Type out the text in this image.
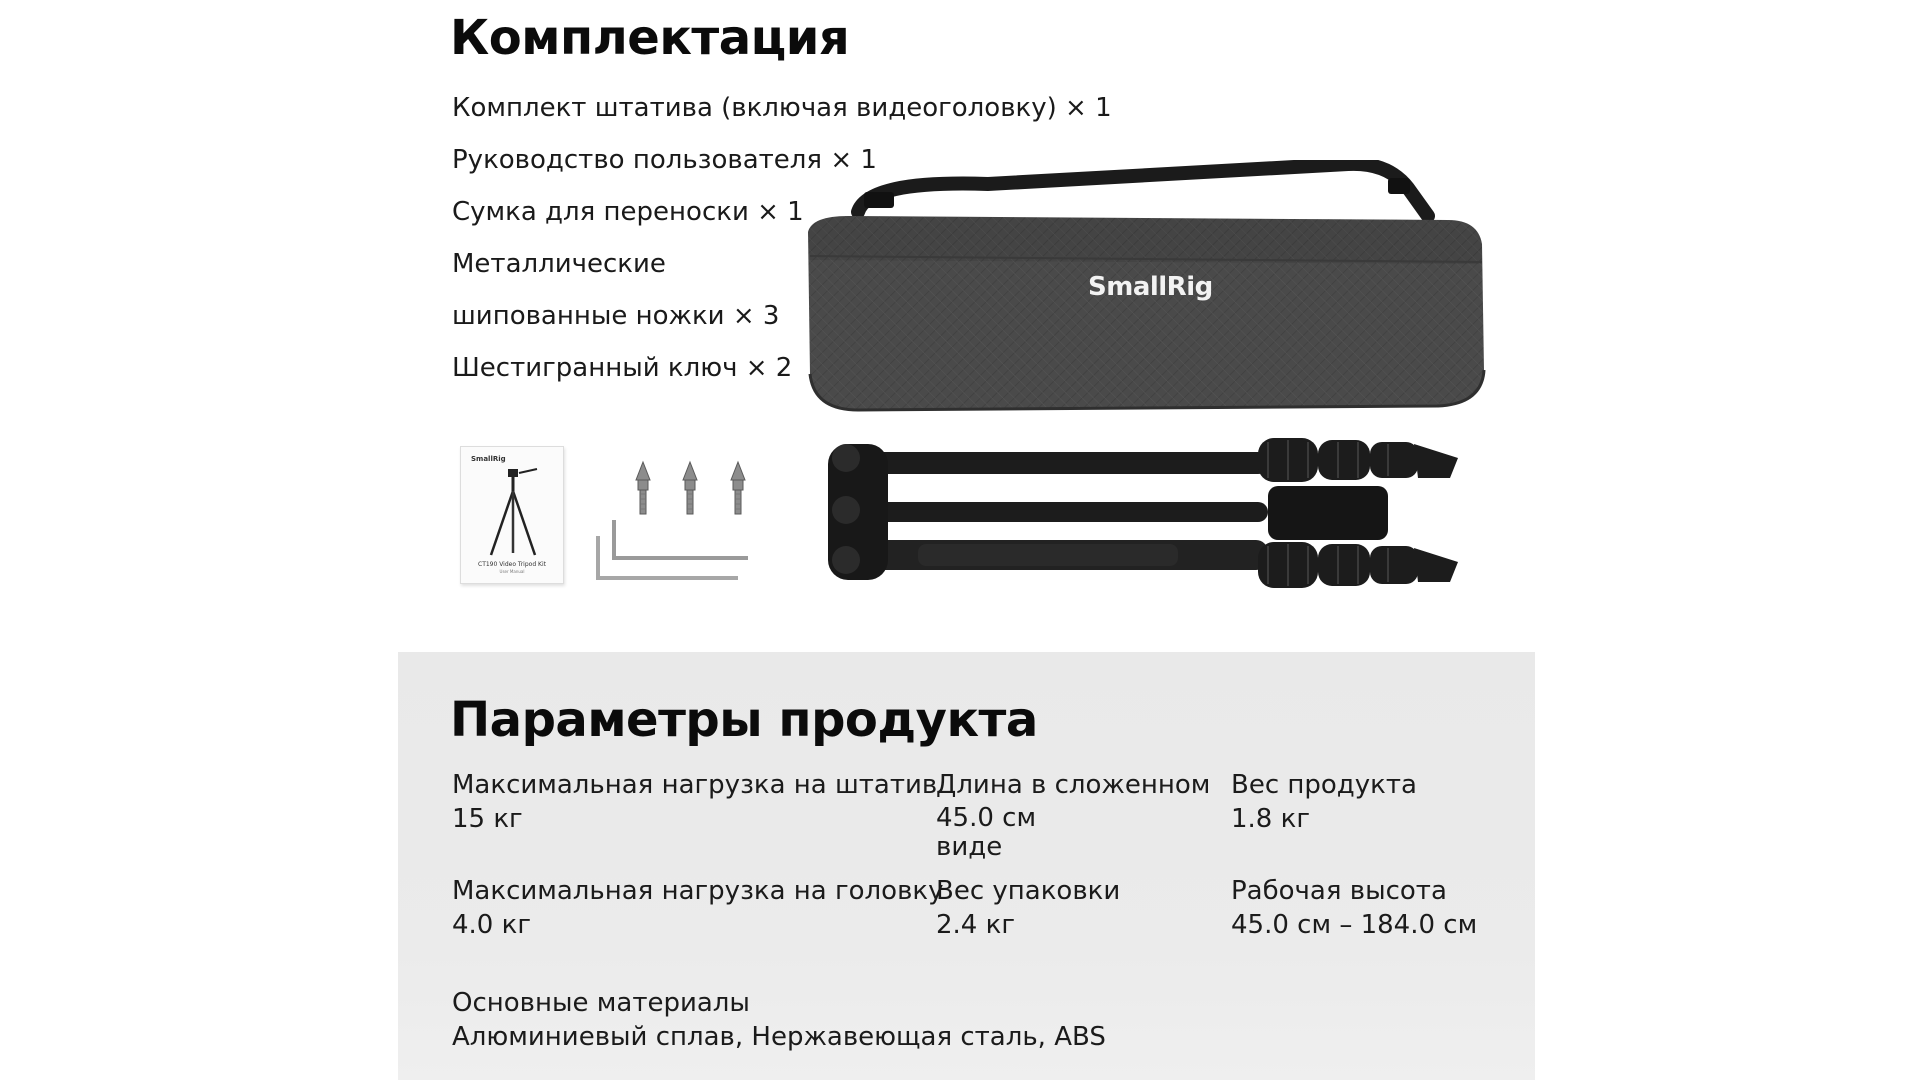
Комплектация
Комплект штатива (включая видеоголовку) × 1
Руководство пользователя × 1
Сумка для переноски × 1
Металлические
шипованные ножки × 3
Шестигранный ключ × 2
SmallRig
SmallRig
CT190 Video Tripod Kit
User Manual
Параметры продукта
Максимальная нагрузка на штатив
15 кг
Длина в сложенном
45.0 см
виде
Вес продукта
1.8 кг
Максимальная нагрузка на головку
4.0 кг
Вес упаковки
2.4 кг
Рабочая высота
45.0 см – 184.0 см
Основные материалы
Алюминиевый сплав, Нержавеющая сталь, ABS
